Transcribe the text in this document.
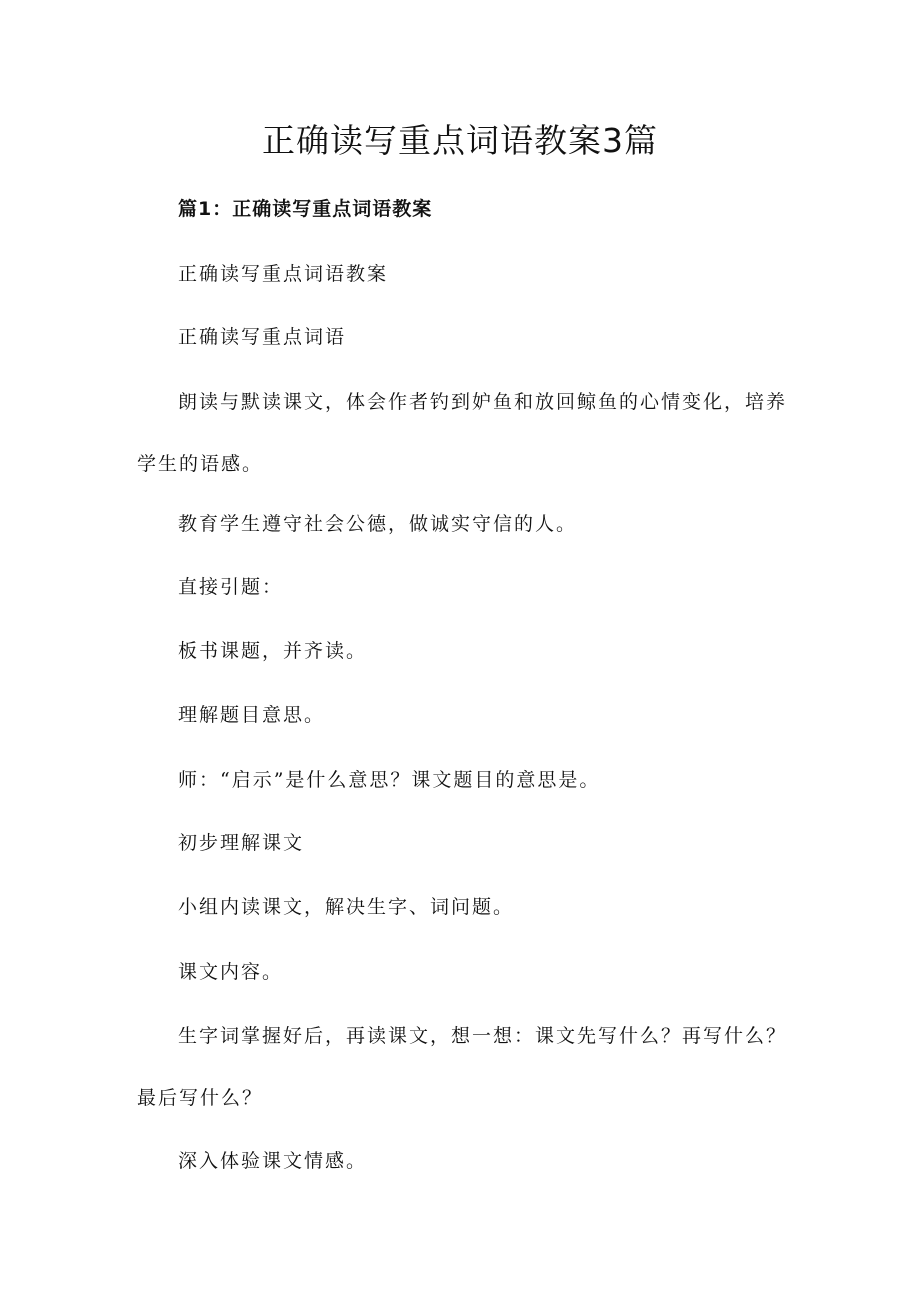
正确读写重点词语教案3篇
篇1：正确读写重点词语教案

正确读写重点词语教案

正确读写重点词语

朗读与默读课文，体会作者钓到妒鱼和放回鲸鱼的心情变化，培养学生的语感。

教育学生遵守社会公德，做诚实守信的人。

直接引题：

板书课题，并齐读。

理解题目意思。

师：“启示”是什么意思？课文题目的意思是。

初步理解课文

小组内读课文，解决生字、词问题。

课文内容。

生字词掌握好后，再读课文，想一想：课文先写什么？再写什么？最后写什么？

深入体验课文情感。
